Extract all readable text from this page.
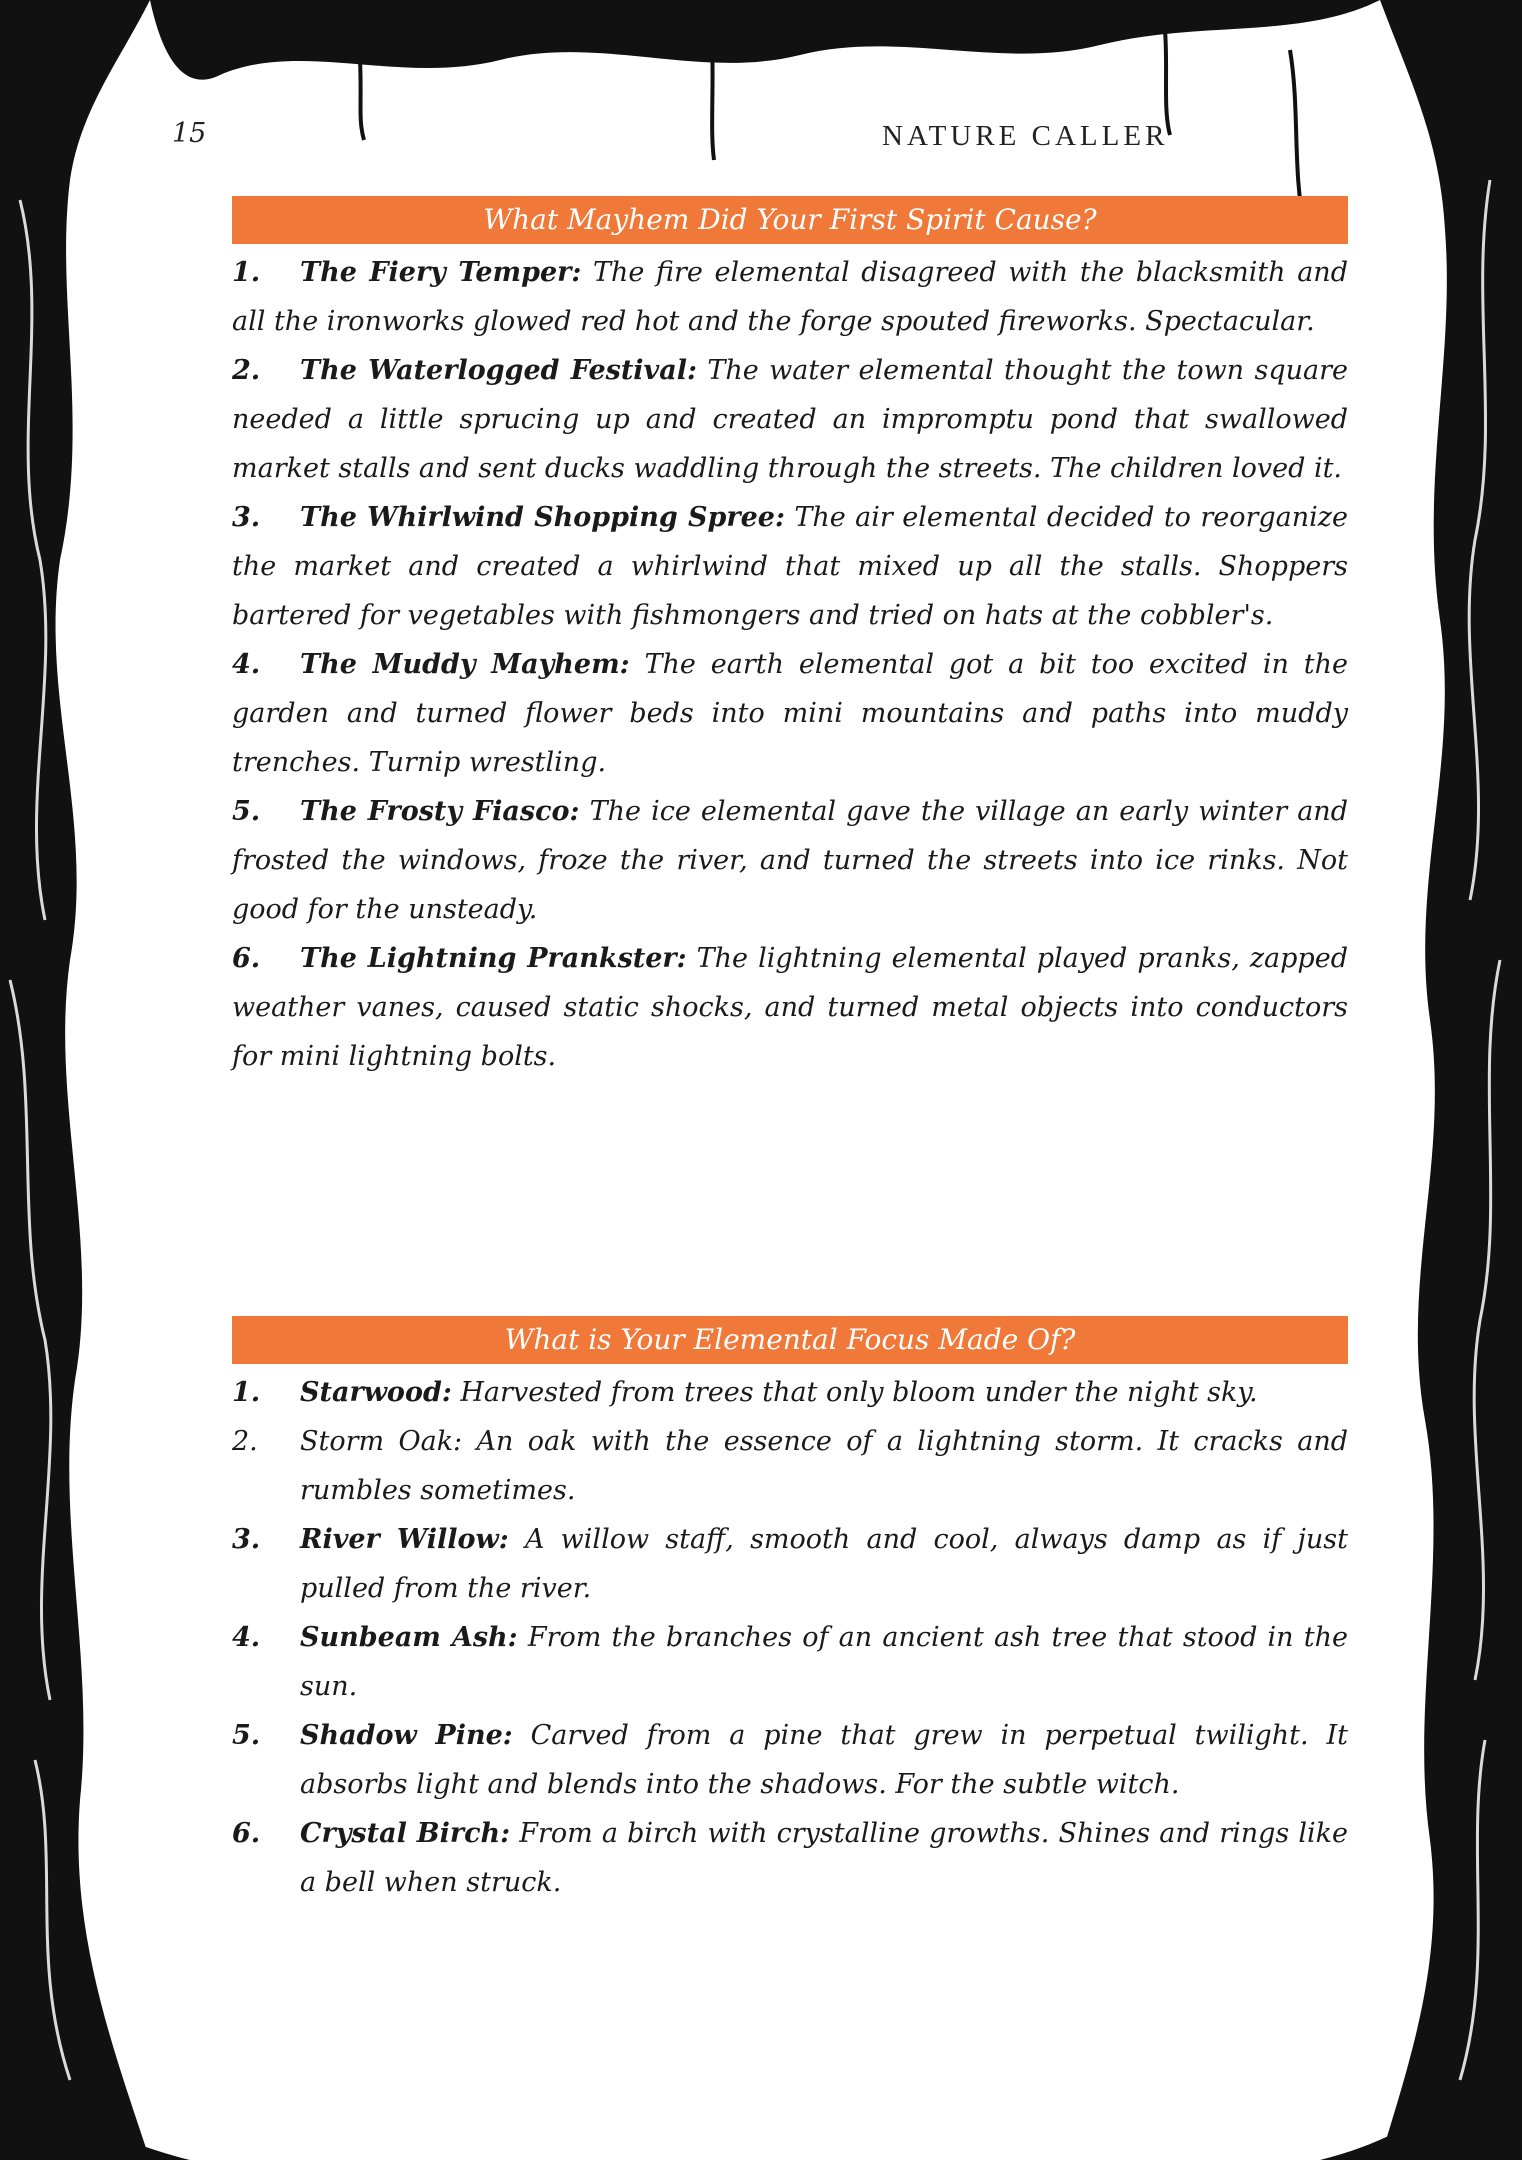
15	NATURE CALLER
What Mayhem Did Your First Spirit Cause?
1. The Fiery Temper: The fire elemental disagreed with the blacksmith and all the ironworks glowed red hot and the forge spouted fireworks. Spectacular.
2. The Waterlogged Festival: The water elemental thought the town square needed a little sprucing up and created an impromptu pond that swallowed market stalls and sent ducks waddling through the streets. The children loved it.
3. The Whirlwind Shopping Spree: The air elemental decided to reorganize the market and created a whirlwind that mixed up all the stalls. Shoppers bartered for vegetables with fishmongers and tried on hats at the cobbler's.
4. The Muddy Mayhem: The earth elemental got a bit too excited in the garden and turned flower beds into mini mountains and paths into muddy trenches. Turnip wrestling.
5. The Frosty Fiasco: The ice elemental gave the village an early winter and frosted the windows, froze the river, and turned the streets into ice rinks. Not good for the unsteady.
6. The Lightning Prankster: The lightning elemental played pranks, zapped weather vanes, caused static shocks, and turned metal objects into conductors for mini lightning bolts.
What is Your Elemental Focus Made Of?
1. Starwood: Harvested from trees that only bloom under the night sky.
2. Storm Oak: An oak with the essence of a lightning storm. It cracks and rumbles sometimes.
3. River Willow: A willow staff, smooth and cool, always damp as if just pulled from the river.
4. Sunbeam Ash: From the branches of an ancient ash tree that stood in the sun.
5. Shadow Pine: Carved from a pine that grew in perpetual twilight. It absorbs light and blends into the shadows. For the subtle witch.
6. Crystal Birch: From a birch with crystalline growths. Shines and rings like a bell when struck.
